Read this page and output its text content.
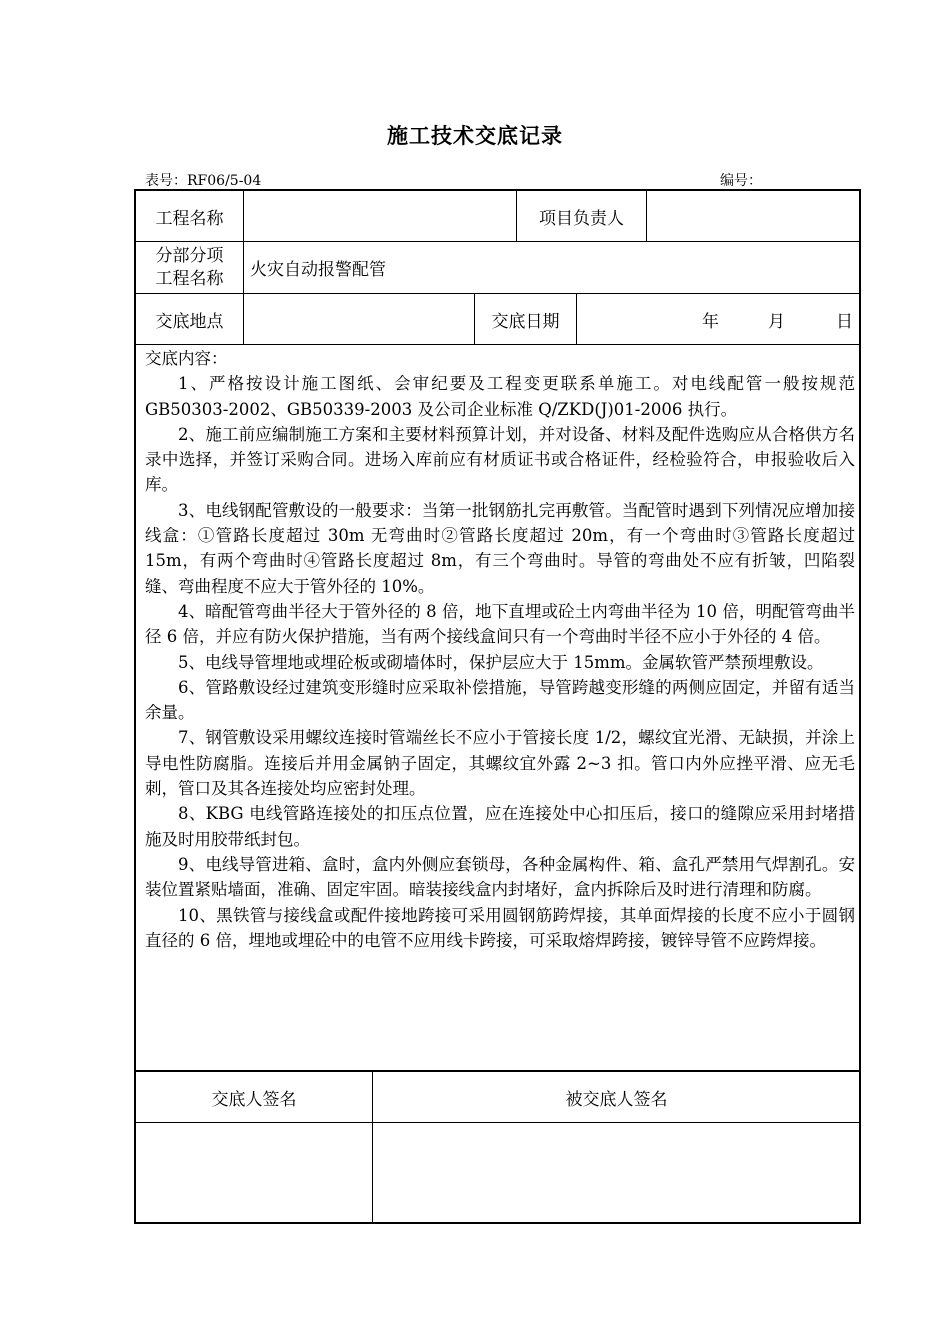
施工技术交底记录
表号：RF06/5-04	编号：
工程名称	项目负责人
分部分项
工程名称 火灾自动报警配管
交底地点	交底日期	年	月	日

交底内容：

1、严格按设计施工图纸、会审纪要及工程变更联系单施工。对电线配管一般按规范 GB50303-2002、GB50339-2003 及公司企业标准 Q/ZKD(J)01-2006 执行。

2、施工前应编制施工方案和主要材料预算计划，并对设备、材料及配件选购应从合格供方名录中选择，并签订采购合同。进场入库前应有材质证书或合格证件，经检验符合，申报验收后入库。

3、电线钢配管敷设的一般要求：当第一批钢筋扎完再敷管。当配管时遇到下列情况应增加接线盒：①管路长度超过 30m 无弯曲时②管路长度超过 20m，有一个弯曲时③管路长度超过 15m，有两个弯曲时④管路长度超过 8m，有三个弯曲时。导管的弯曲处不应有折皱，凹陷裂缝、弯曲程度不应大于管外径的 10%。

4、暗配管弯曲半径大于管外径的 8 倍，地下直埋或砼土内弯曲半径为 10 倍，明配管弯曲半径 6 倍，并应有防火保护措施，当有两个接线盒间只有一个弯曲时半径不应小于外径的 4 倍。

5、电线导管埋地或埋砼板或砌墙体时，保护层应大于 15mm。金属软管严禁预埋敷设。

6、管路敷设经过建筑变形缝时应采取补偿措施，导管跨越变形缝的两侧应固定，并留有适当余量。

7、钢管敷设采用螺纹连接时管端丝长不应小于管接长度 1/2，螺纹宜光滑、无缺损，并涂上导电性防腐脂。连接后并用金属钠子固定，其螺纹宜外露 2~3 扣。管口内外应挫平滑、应无毛刺，管口及其各连接处均应密封处理。

8、KBG 电线管路连接处的扣压点位置，应在连接处中心扣压后，接口的缝隙应采用封堵措施及时用胶带纸封包。

9、电线导管进箱、盒时，盒内外侧应套锁母，各种金属构件、箱、盒孔严禁用气焊割孔。安装位置紧贴墙面，准确、固定牢固。暗装接线盒内封堵好，盒内拆除后及时进行清理和防腐。

10、黑铁管与接线盒或配件接地跨接可采用圆钢筋跨焊接，其单面焊接的长度不应小于圆钢直径的 6 倍，埋地或埋砼中的电管不应用线卡跨接，可采取熔焊跨接，镀锌导管不应跨焊接。

交底人签名	被交底人签名
